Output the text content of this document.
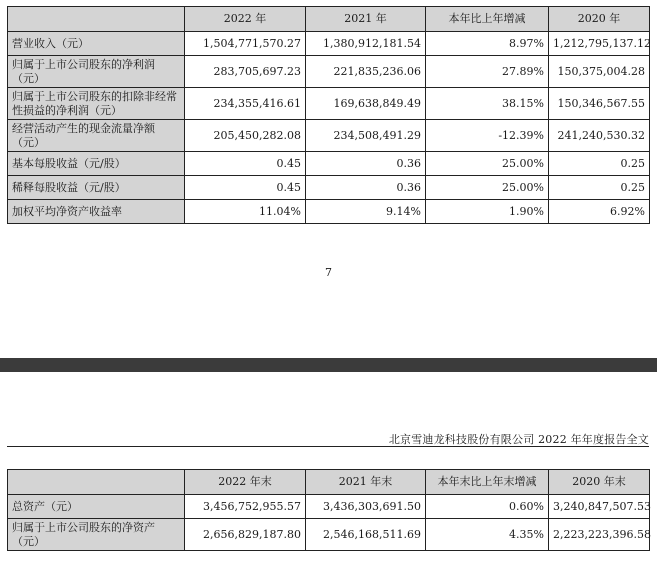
	2022 年	2021 年	本年比上年增减	2020 年
营业收入（元）	1,504,771,570.27	1,380,912,181.54	8.97%	1,212,795,137.12
归属于上市公司股东的净利润（元）	283,705,697.23	221,835,236.06	27.89%	150,375,004.28
归属于上市公司股东的扣除非经常性损益的净利润（元）	234,355,416.61	169,638,849.49	38.15%	150,346,567.55
经营活动产生的现金流量净额（元）	205,450,282.08	234,508,491.29	-12.39%	241,240,530.32
基本每股收益（元/股）	0.45	0.36	25.00%	0.25
稀释每股收益（元/股）	0.45	0.36	25.00%	0.25
加权平均净资产收益率	11.04%	9.14%	1.90%	6.92%
7
北京雪迪龙科技股份有限公司 2022 年年度报告全文
	2022 年末	2021 年末	本年末比上年末增减	2020 年末
总资产（元）	3,456,752,955.57	3,436,303,691.50	0.60%	3,240,847,507.53
归属于上市公司股东的净资产（元）	2,656,829,187.80	2,546,168,511.69	4.35%	2,223,223,396.58
